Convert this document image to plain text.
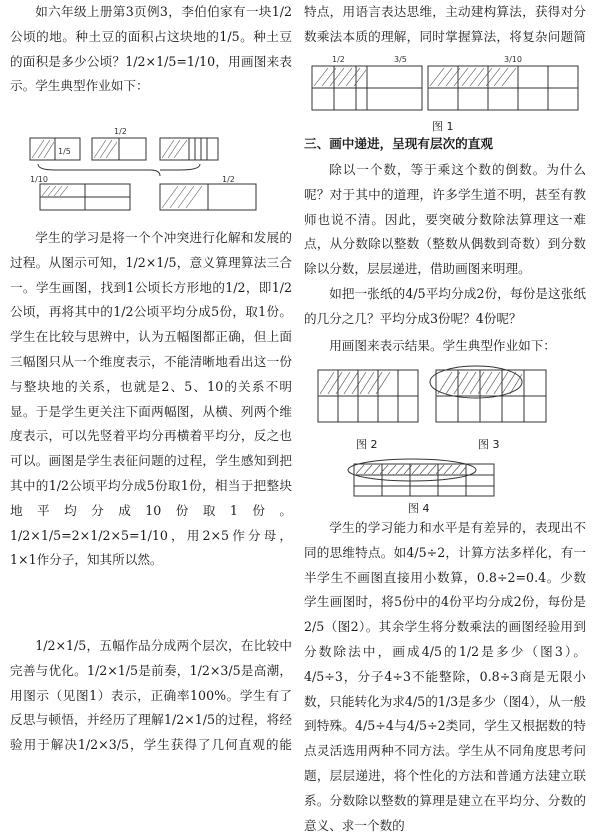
如六年级上册第3页例3，李伯伯家有一块1/2公顷的地。种土豆的面积占这块地的1/5。种土豆的面积是多少公顷？1/2×1/5=1/10，用画图来表示。学生典型作业如下：

1/2
1/5
1/10	1/2

学生的学习是将一个个冲突进行化解和发展的过程。从图示可知，1/2×1/5，意义算理算法三合一。学生画图，找到1公顷长方形地的1/2，即1/2公顷，再将其中的1/2公顷平均分成5份，取1份。学生在比较与思辨中，认为五幅图都正确，但上面三幅图只从一个维度表示，不能清晰地看出这一份与整块地的关系，也就是2、5、10的关系不明显。于是学生更关注下面两幅图，从横、列两个维度表示，可以先竖着平均分再横着平均分，反之也可以。画图是学生表征问题的过程，学生感知到把其中的1/2公顷平均分成5份取1份，相当于把整块地平均分成10份取1份。1/2×1/5=2×1/2×5=1/10，用2×5作分母，1×1作分子，知其所以然。

1/2×1/5，五幅作品分成两个层次，在比较中完善与优化。1/2×1/5是前奏，1/2×3/5是高潮，用图示（见图1）表示，正确率100%。学生有了反思与顿悟，并经历了理解1/2×1/5的过程，将经验用于解决1/2×3/5，学生获得了几何直观的能

特点，用语言表达思维，主动建构算法，获得对分数乘法本质的理解，同时掌握算法，将复杂问题简

1/2	3/5	3/10
图 1

三、画中递进，呈现有层次的直观

除以一个数，等于乘这个数的倒数。为什么呢？对于其中的道理，许多学生道不明，甚至有教师也说不清。因此，要突破分数除法算理这一难点，从分数除以整数（整数从偶数到奇数）到分数除以分数，层层递进，借助画图来明理。

如把一张纸的4/5平均分成2份，每份是这张纸的几分之几？平均分成3份呢？4份呢？

用画图来表示结果。学生典型作业如下：

图 2	图 3
图 4

学生的学习能力和水平是有差异的，表现出不同的思维特点。如4/5÷2，计算方法多样化，有一半学生不画图直接用小数算，0.8÷2=0.4。少数学生画图时，将5份中的4份平均分成2份，每份是2/5（图2）。其余学生将分数乘法的画图经验用到分数除法中，画成4/5的1/2是多少（图3）。4/5÷3，分子4÷3不能整除，0.8÷3商是无限小数，只能转化为求4/5的1/3是多少（图4），从一般到特殊。4/5÷4与4/5÷2类同，学生又根据数的特点灵活选用两种不同方法。学生从不同角度思考问题，层层递进，将个性化的方法和普通方法建立联系。分数除以整数的算理是建立在平均分、分数的意义、求一个数的
